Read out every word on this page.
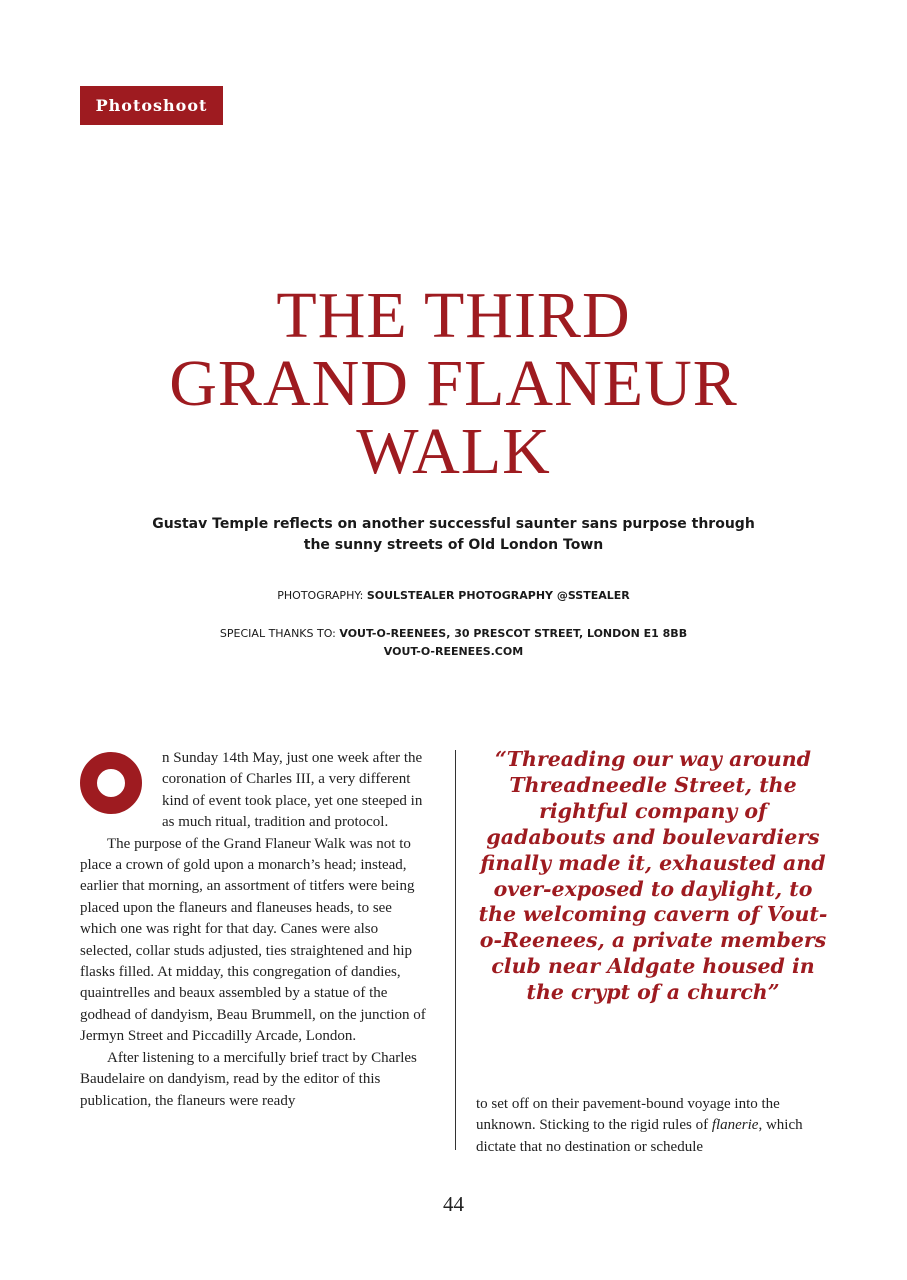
Photoshoot
THE THIRD
GRAND FLANEUR
WALK
Gustav Temple reflects on another successful saunter sans purpose through the sunny streets of Old London Town
PHOTOGRAPHY: SOULSTEALER PHOTOGRAPHY @SSTEALER
SPECIAL THANKS TO: VOUT-O-REENEES, 30 PRESCOT STREET, LONDON E1 8BB
VOUT-O-REENEES.COM

n Sunday 14th May, just one week after the coronation of Charles III, a very different kind of event took place, yet one steeped in as much ritual, tradition and protocol.

The purpose of the Grand Flaneur Walk was not to place a crown of gold upon a monarch’s head; instead, earlier that morning, an assortment of titfers were being placed upon the flaneurs and flaneuses heads, to see which one was right for that day. Canes were also selected, collar studs adjusted, ties straightened and hip flasks filled. At midday, this congregation of dandies, quaintrelles and beaux assembled by a statue of the godhead of dandyism, Beau Brummell, on the junction of Jermyn Street and Piccadilly Arcade, London.

After listening to a mercifully brief tract by Charles Baudelaire on dandyism, read by the editor of this publication, the flaneurs were ready

“Threading our way around Threadneedle Street, the rightful company of gadabouts and boulevardiers finally made it, exhausted and over-exposed to daylight, to the welcoming cavern of Vout-o-Reenees, a private members club near Aldgate housed in the crypt of a church”

to set off on their pavement-bound voyage into the unknown. Sticking to the rigid rules of flanerie, which dictate that no destination or schedule

44
